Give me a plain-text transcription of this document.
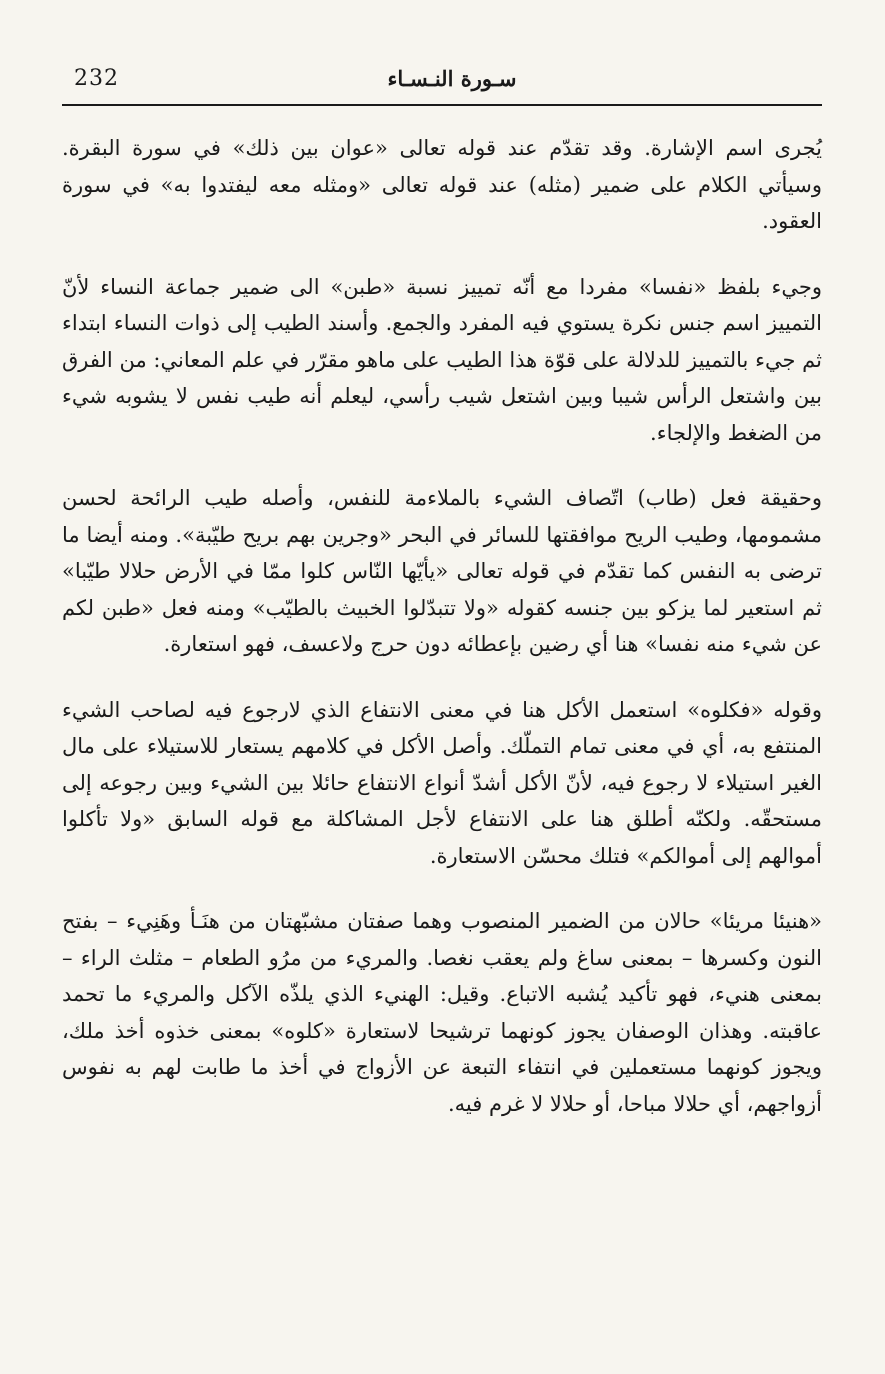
232	سـورة النـسـاء

يُجرى اسم الإشارة. وقد تقدّم عند قوله تعالى «عوان بين ذلك» في سورة البقرة. وسيأتي الكلام على ضمير (مثله) عند قوله تعالى «ومثله معه ليفتدوا به» في سورة العقود.

وجيء بلفظ «نفسا» مفردا مع أنّه تمييز نسبة «طبن» الى ضمير جماعة النساء لأنّ التمييز اسم جنس نكرة يستوي فيه المفرد والجمع. وأسند الطيب إلى ذوات النساء ابتداء ثم جيء بالتمييز للدلالة على قوّة هذا الطيب على ماهو مقرّر في علم المعاني: من الفرق بين واشتعل الرأس شيبا وبين اشتعل شيب رأسي، ليعلم أنه طيب نفس لا يشوبه شيء من الضغط والإلجاء.

وحقيقة فعل (طاب) اتّصاف الشيء بالملاءمة للنفس، وأصله طيب الرائحة لحسن مشمومها، وطيب الريح موافقتها للسائر في البحر «وجرين بهم بريح طيّبة». ومنه أيضا ما ترضى به النفس كما تقدّم في قوله تعالى «يأيّها النّاس كلوا ممّا في الأرض حلالا طيّبا» ثم استعير لما يزكو بين جنسه كقوله «ولا تتبدّلوا الخبيث بالطيّب» ومنه فعل «طبن لكم عن شيء منه نفسا» هنا أي رضين بإعطائه دون حرج ولاعسف، فهو استعارة.

وقوله «فكلوه» استعمل الأكل هنا في معنى الانتفاع الذي لارجوع فيه لصاحب الشيء المنتفع به، أي في معنى تمام التملّك. وأصل الأكل في كلامهم يستعار للاستيلاء على مال الغير استيلاء لا رجوع فيه، لأنّ الأكل أشدّ أنواع الانتفاع حائلا بين الشيء وبين رجوعه إلى مستحقّه. ولكنّه أطلق هنا على الانتفاع لأجل المشاكلة مع قوله السابق «ولا تأكلوا أموالهم إلى أموالكم» فتلك محسّن الاستعارة.

«هنيئا مريئا» حالان من الضمير المنصوب وهما صفتان مشبّهتان من هنَـأ وهَنِيء – بفتح النون وكسرها – بمعنى ساغ ولم يعقب نغصا. والمريء من مرُو الطعام – مثلث الراء – بمعنى هنيء، فهو تأكيد يُشبه الاتباع. وقيل: الهنيء الذي يلذّه الآكل والمريء ما تحمد عاقبته. وهذان الوصفان يجوز كونهما ترشيحا لاستعارة «كلوه» بمعنى خذوه أخذ ملك، ويجوز كونهما مستعملين في انتفاء التبعة عن الأزواج في أخذ ما طابت لهم به نفوس أزواجهم، أي حلالا مباحا، أو حلالا لا غرم فيه.
